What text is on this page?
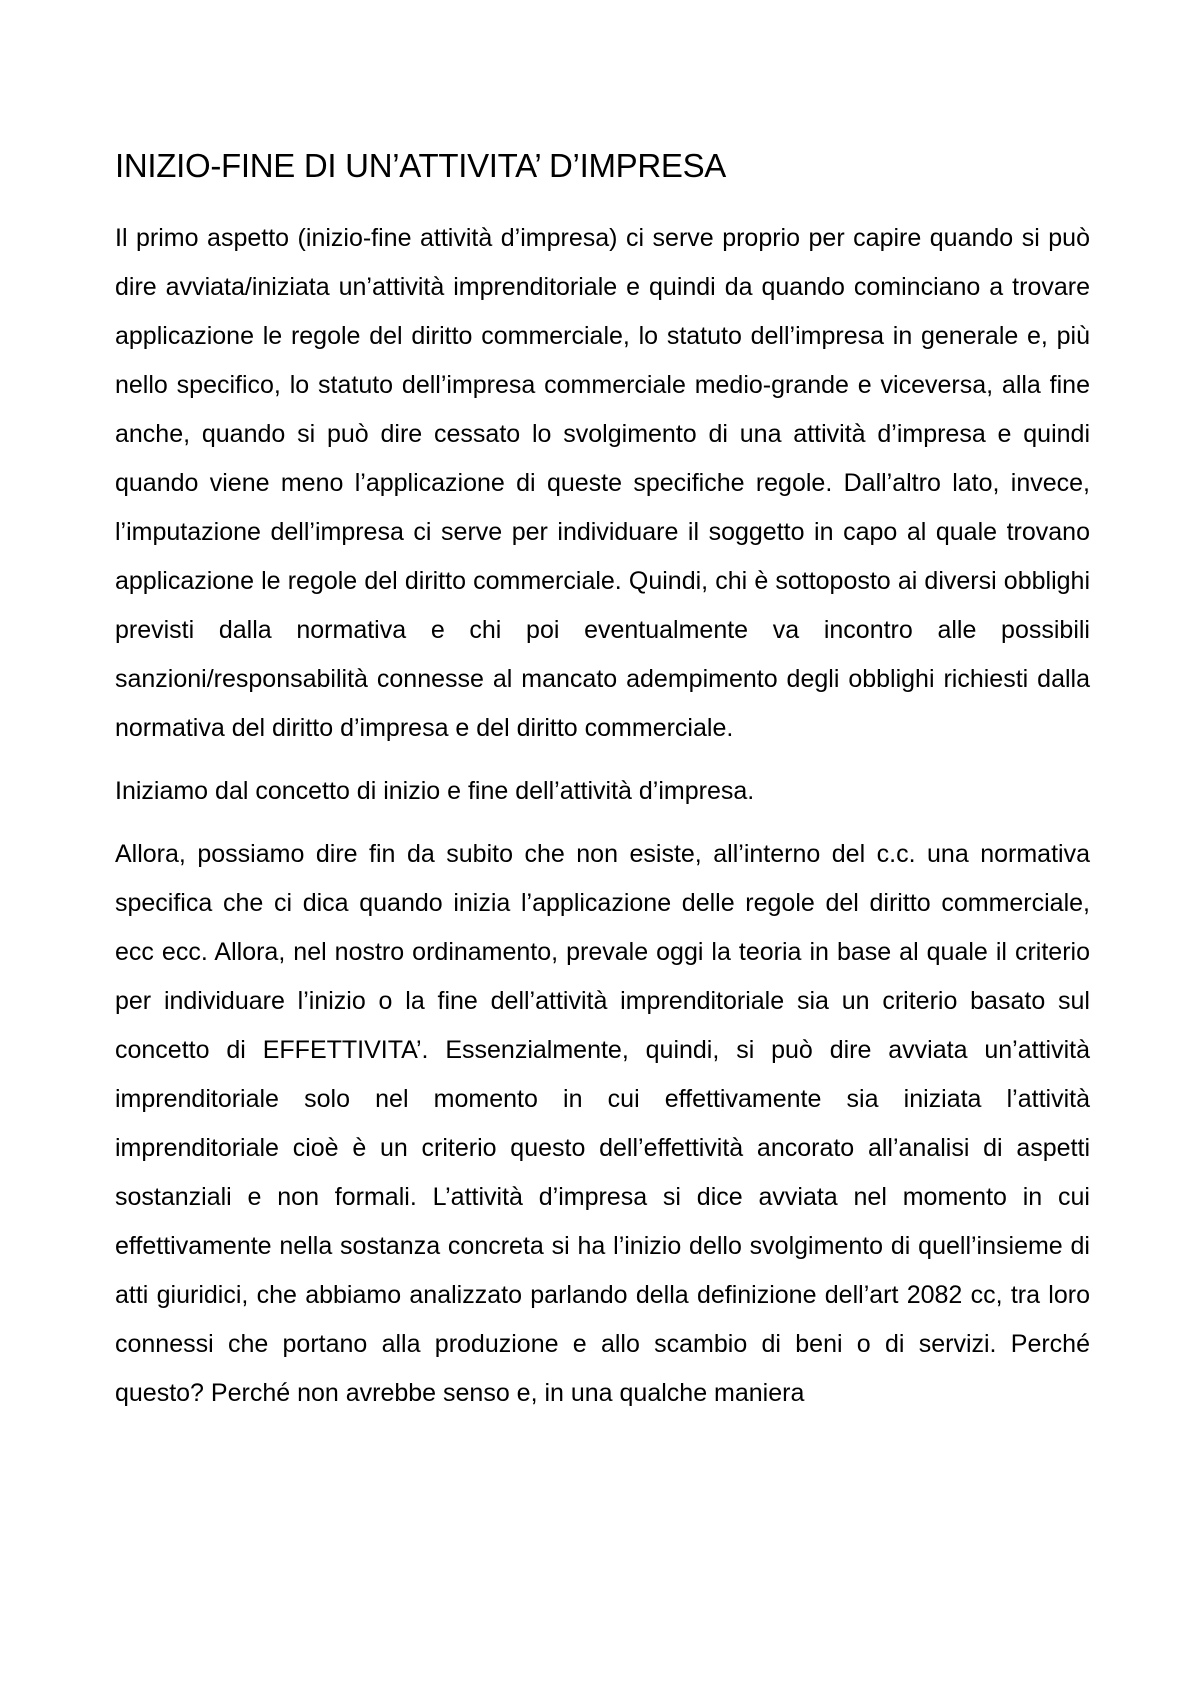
INIZIO-FINE DI UN’ATTIVITA’ D’IMPRESA

Il primo aspetto (inizio-fine attività d’impresa) ci serve proprio per capire quando si può dire avviata/iniziata un’attività imprenditoriale e quindi da quando cominciano a trovare applicazione le regole del diritto commerciale, lo statuto dell’impresa in generale e, più nello specifico, lo statuto dell’impresa commerciale medio-grande e viceversa, alla fine anche, quando si può dire cessato lo svolgimento di una attività d’impresa e quindi quando viene meno l’applicazione di queste specifiche regole. Dall’altro lato, invece, l’imputazione dell’impresa ci serve per individuare il soggetto in capo al quale trovano applicazione le regole del diritto commerciale. Quindi, chi è sottoposto ai diversi obblighi previsti dalla normativa e chi poi eventualmente va incontro alle possibili sanzioni/responsabilità connesse al mancato adempimento degli obblighi richiesti dalla normativa del diritto d’impresa e del diritto commerciale.

Iniziamo dal concetto di inizio e fine dell’attività d’impresa.

Allora, possiamo dire fin da subito che non esiste, all’interno del c.c. una normativa specifica che ci dica quando inizia l’applicazione delle regole del diritto commerciale, ecc ecc. Allora, nel nostro ordinamento, prevale oggi la teoria in base al quale il criterio per individuare l’inizio o la fine dell’attività imprenditoriale sia un criterio basato sul concetto di EFFETTIVITA’. Essenzialmente, quindi, si può dire avviata un’attività imprenditoriale solo nel momento in cui effettivamente sia iniziata l’attività imprenditoriale cioè è un criterio questo dell’effettività ancorato all’analisi di aspetti sostanziali e non formali. L’attività d’impresa si dice avviata nel momento in cui effettivamente nella sostanza concreta si ha l’inizio dello svolgimento di quell’insieme di atti giuridici, che abbiamo analizzato parlando della definizione dell’art 2082 cc, tra loro connessi che portano alla produzione e allo scambio di beni o di servizi. Perché questo? Perché non avrebbe senso e, in una qualche maniera
